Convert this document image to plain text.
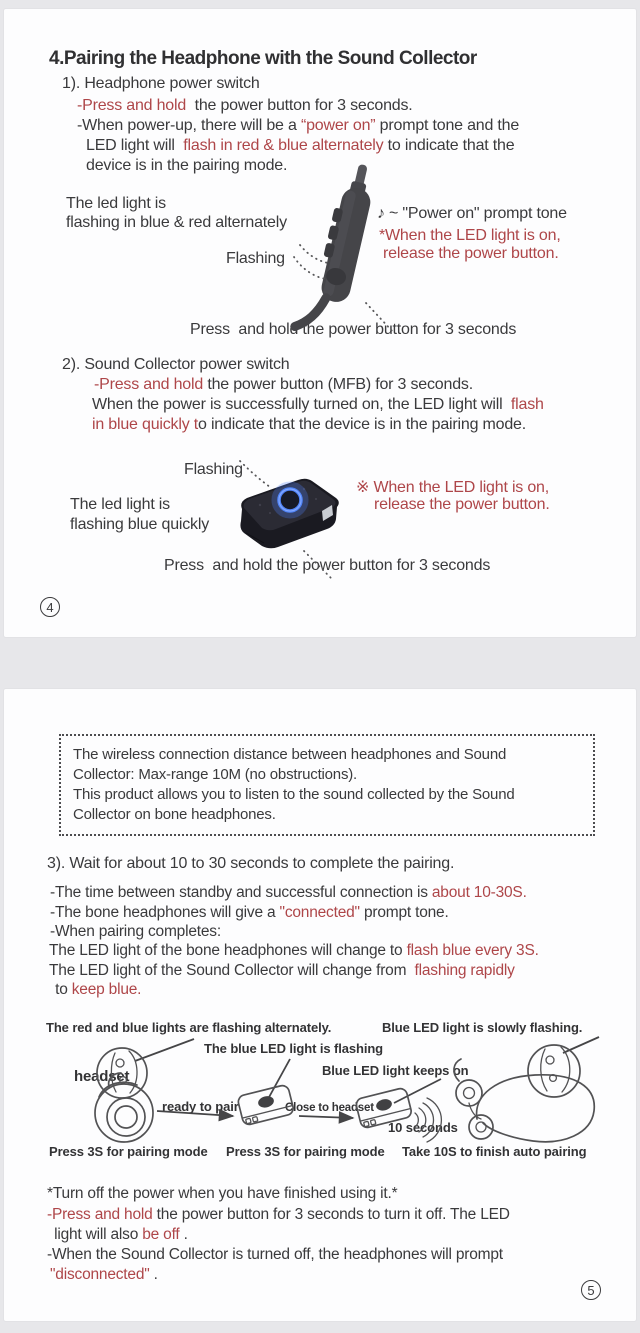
4.Pairing the Headphone with the Sound Collector
1). Headphone power switch
-Press and hold  the power button for 3 seconds.
-When power-up, there will be a “power on” prompt tone and the
LED light will  flash in red & blue alternately to indicate that the
device is in the pairing mode.
The led light is
flashing in blue & red alternately
Flashing
♪ ~ "Power on" prompt tone
*When the LED light is on,
release the power button.
Press  and hold the power button for 3 seconds
2). Sound Collector power switch
-Press and hold the power button (MFB) for 3 seconds.
When the power is successfully turned on, the LED light will  flash
in blue quickly to indicate that the device is in the pairing mode.
Flashing
The led light is
flashing blue quickly
※ When the LED light is on,
release the power button.
Press  and hold the power button for 3 seconds
4
The wireless connection distance between headphones and Sound
Collector: Max-range 10M (no obstructions).
This product allows you to listen to the sound collected by the Sound
Collector on bone headphones.
3). Wait for about 10 to 30 seconds to complete the pairing.
-The time between standby and successful connection is about 10-30S.
-The bone headphones will give a "connected" prompt tone.
-When pairing completes:
The LED light of the bone headphones will change to flash blue every 3S.
The LED light of the Sound Collector will change from  flashing rapidly
to keep blue.
The red and blue lights are flashing alternately.	Blue LED light is slowly flashing.
The blue LED light is flashing
Blue LED light keeps on
headset
ready to pair	Close to headset
10 seconds
Press 3S for pairing mode Press 3S for pairing mode Take 10S to finish auto pairing
*Turn off the power when you have finished using it.*
-Press and hold the power button for 3 seconds to turn it off. The LED
light will also be off .
-When the Sound Collector is turned off, the headphones will prompt
"disconnected" .
5
